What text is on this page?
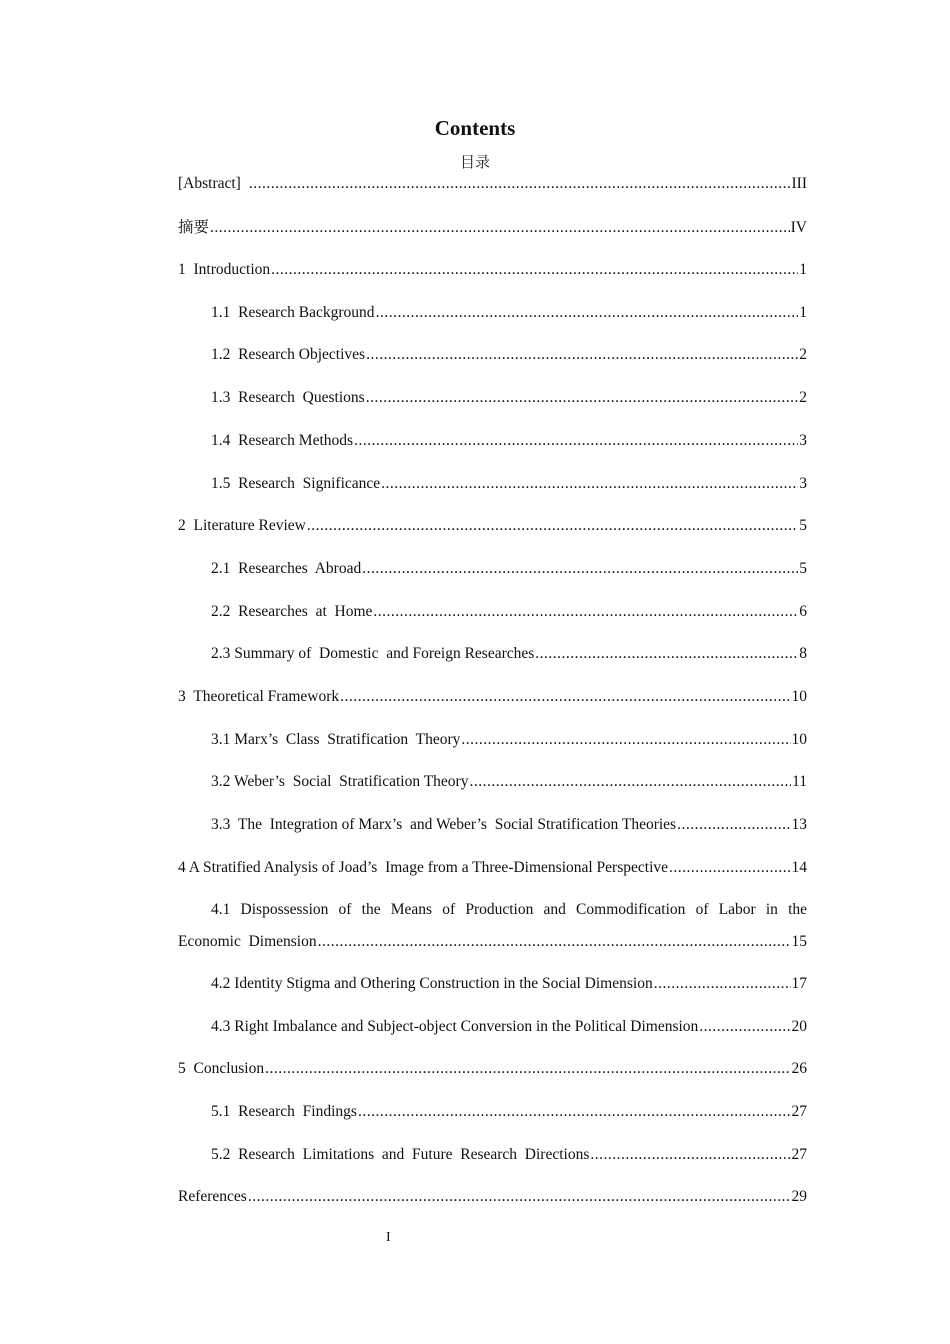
Contents
目录
[Abstract] .....	III
摘要 .....	IV
1  Introduction .....	1
1.1  Research Background .....	1
1.2  Research Objectives .....	2
1.3  Research  Questions .....	2
1.4  Research Methods .....	3
1.5  Research  Significance .....	3
2  Literature Review .....	5
2.1  Researches  Abroad .....	5
2.2  Researches  at  Home .....	6
2.3 Summary of  Domestic  and Foreign Researches .....	8
3  Theoretical Framework .....	10
3.1 Marx’s  Class  Stratification  Theory .....	10
3.2 Weber’s  Social  Stratification Theory .....	11
3.3  The  Integration of Marx’s  and Weber’s  Social Stratification Theories .....	13
4 A Stratified Analysis of Joad’s  Image from a Three-Dimensional Perspective .....	14
4.1 Dispossession of the Means of Production and Commodification of Labor in the
Economic  Dimension .....	15
4.2 Identity Stigma and Othering Construction in the Social Dimension .....	17
4.3 Right Imbalance and Subject-object Conversion in the Political Dimension .....	20
5  Conclusion .....	26
5.1  Research  Findings .....	27
5.2  Research  Limitations  and  Future  Research  Directions .....	27
References .....	29
I
